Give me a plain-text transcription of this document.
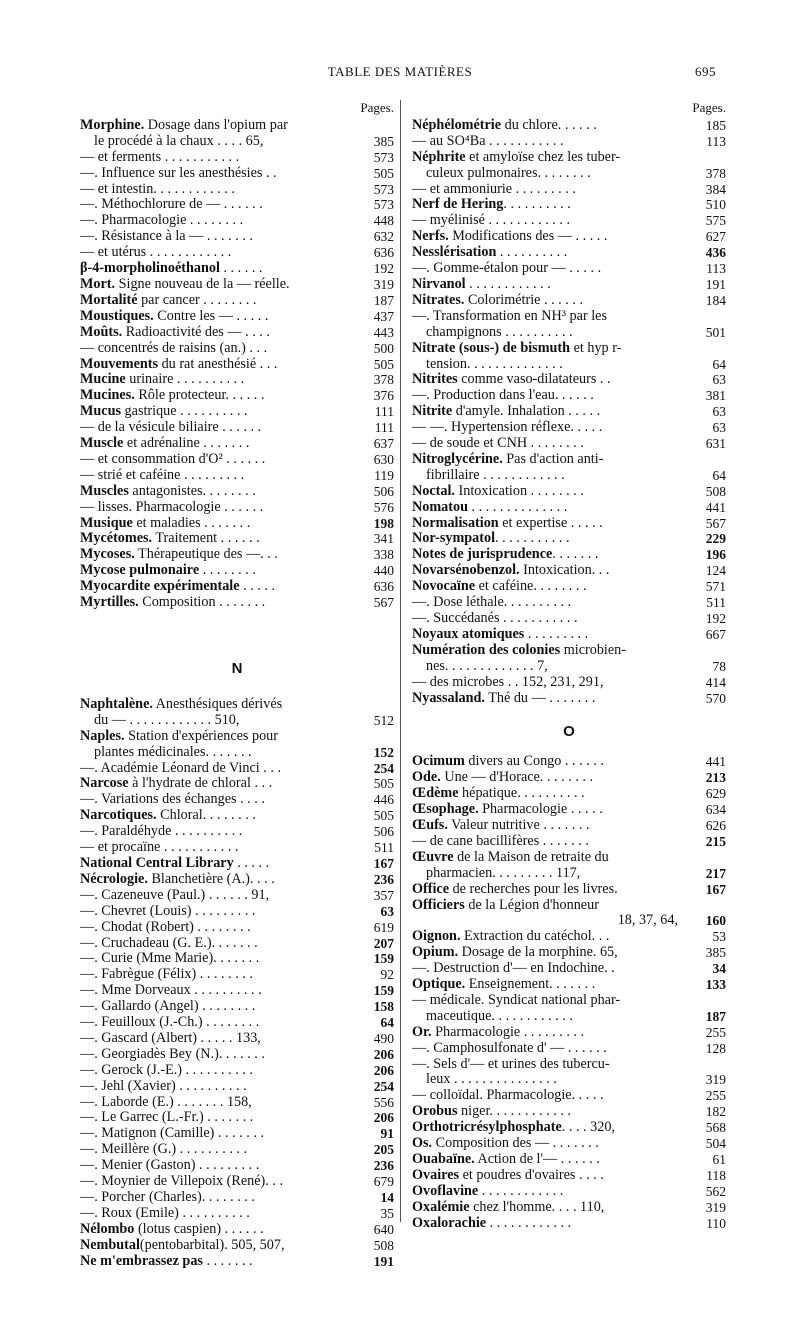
TABLE DES MATIÈRES	695
Pages.
Morphine. Dosage dans l'opium par
le procédé à la chaux . . . . 65,	385
— et ferments . . . . . . . . . . .	573
—. Influence sur les anesthésies . .	505
— et intestin. . . . . . . . . . . .	573
—. Méthochlorure de — . . . . . .	573
—. Pharmacologie . . . . . . . .	448
—. Résistance à la — . . . . . . .	632
— et utérus . . . . . . . . . . . .	636
β-4-morpholinoéthanol . . . . . .	192
Mort. Signe nouveau de la — réelle.	319
Mortalité par cancer . . . . . . . .	187
Moustiques. Contre les — . . . . .	437
Moûts. Radioactivité des — . . . .	443
— concentrés de raisins (an.) . . .	500
Mouvements du rat anesthésié . . .	505
Mucine urinaire . . . . . . . . . .	378
Mucines. Rôle protecteur. . . . . .	376
Mucus gastrique . . . . . . . . . .	111
— de la vésicule biliaire . . . . . .	111
Muscle et adrénaline . . . . . . .	637
— et consommation d'O² . . . . . .	630
— strié et caféine . . . . . . . . .	119
Muscles antagonistes. . . . . . . .	506
— lisses. Pharmacologie . . . . . .	576
Musique et maladies . . . . . . .	198
Mycétomes. Traitement . . . . . .	341
Mycoses. Thérapeutique des —. . .	338
Mycose pulmonaire . . . . . . . .	440
Myocardite expérimentale . . . . .	636
Myrtilles. Composition . . . . . . .	567
N
Naphtalène. Anesthésiques dérivés
du — . . . . . . . . . . . . 510,	512
Naples. Station d'expériences pour
plantes médicinales. . . . . . .	152
—. Académie Léonard de Vinci . . .	254
Narcose à l'hydrate de chloral . . .	505
—. Variations des échanges . . . .	446
Narcotiques. Chloral. . . . . . . .	505
—. Paraldéhyde . . . . . . . . . .	506
— et procaïne . . . . . . . . . . .	511
National Central Library . . . . .	167
Nécrologie. Blanchetière (A.). . . .	236
—. Cazeneuve (Paul.) . . . . . . 91,	357
—. Chevret (Louis) . . . . . . . . .	63
—. Chodat (Robert) . . . . . . . .	619
—. Cruchadeau (G. E.). . . . . . .	207
—. Curie (Mme Marie). . . . . . .	159
—. Fabrègue (Félix) . . . . . . . .	92
—. Mme Dorveaux . . . . . . . . . .	159
—. Gallardo (Angel) . . . . . . . .	158
—. Feuilloux (J.-Ch.) . . . . . . . .	64
—. Gascard (Albert) . . . . . 133,	490
—. Georgiadès Bey (N.). . . . . . .	206
—. Gerock (J.-E.) . . . . . . . . . .	206
—. Jehl (Xavier) . . . . . . . . . .	254
—. Laborde (E.) . . . . . . . 158,	556
—. Le Garrec (L.-Fr.) . . . . . . .	206
—. Matignon (Camille) . . . . . . .	91
—. Meillère (G.) . . . . . . . . . .	205
—. Menier (Gaston) . . . . . . . . .	236
—. Moynier de Villepoix (René). . .	679
—. Porcher (Charles). . . . . . . .	14
—. Roux (Emile) . . . . . . . . . .	35
Nélombo (lotus caspien) . . . . . .	640
Nembutal(pentobarbital). 505, 507,	508
Ne m'embrassez pas . . . . . . .	191
Pages.
Néphélométrie du chlore. . . . . .	185
— au SO⁴Ba . . . . . . . . . . .	113
Néphrite et amyloïse chez les tuber-
culeux pulmonaires. . . . . . . .	378
— et ammoniurie . . . . . . . . .	384
Nerf de Hering. . . . . . . . . .	510
— myélinisé . . . . . . . . . . . .	575
Nerfs. Modifications des — . . . . .	627
Nesslérisation . . . . . . . . . .	436
—. Gomme-étalon pour — . . . . .	113
Nirvanol . . . . . . . . . . . .	191
Nitrates. Colorimétrie . . . . . .	184
—. Transformation en NH³ par les
champignons . . . . . . . . . .	501
Nitrate (sous-) de bismuth et hyp r-
tension. . . . . . . . . . . . . .	64
Nitrites comme vaso-dilatateurs . .	63
—. Production dans l'eau. . . . . .	381
Nitrite d'amyle. Inhalation . . . . .	63
— —. Hypertension réflexe. . . . .	63
— de soude et CNH . . . . . . . .	631
Nitroglycérine. Pas d'action anti-
fibrillaire . . . . . . . . . . . .	64
Noctal. Intoxication . . . . . . . .	508
Nomatou . . . . . . . . . . . . . .	441
Normalisation et expertise . . . . .	567
Nor-sympatol. . . . . . . . . . .	229
Notes de jurisprudence. . . . . . .	196
Novarsénobenzol. Intoxication. . .	124
Novocaïne et caféine. . . . . . . .	571
—. Dose léthale. . . . . . . . . .	511
—. Succédanés . . . . . . . . . . .	192
Noyaux atomiques . . . . . . . . .	667
Numération des colonies microbien-
nes. . . . . . . . . . . . . 7,	78
— des microbes . . 152, 231, 291,	414
Nyassaland. Thé du — . . . . . . .	570
O
Ocimum divers au Congo . . . . . .	441
Ode. Une — d'Horace. . . . . . . .	213
Œdème hépatique. . . . . . . . . .	629
Œsophage. Pharmacologie . . . . .	634
Œufs. Valeur nutritive . . . . . . .	626
— de cane bacillifères . . . . . . .	215
Œuvre de la Maison de retraite du
pharmacien. . . . . . . . . 117,	217
Office de recherches pour les livres.	167
Officiers de la Légion d'honneur
18, 37, 64, 160
Oignon. Extraction du catéchol. . .	53
Opium. Dosage de la morphine. 65,	385
—. Destruction d'— en Indochine. .	34
Optique. Enseignement. . . . . . .	133
— médicale. Syndicat national phar-
maceutique. . . . . . . . . . . .	187
Or. Pharmacologie . . . . . . . . .	255
—. Camphosulfonate d' — . . . . . .	128
—. Sels d'— et urines des tubercu-
leux . . . . . . . . . . . . . . .	319
— colloïdal. Pharmacologie. . . . .	255
Orobus niger. . . . . . . . . . . .	182
Orthotricrésylphosphate. . . . 320,	568
Os. Composition des — . . . . . . .	504
Ouabaïne. Action de l'— . . . . . .	61
Ovaires et poudres d'ovaires . . . .	118
Ovoflavine . . . . . . . . . . . .	562
Oxalémie chez l'homme. . . . 110,	319
Oxalorachie . . . . . . . . . . . .	110
